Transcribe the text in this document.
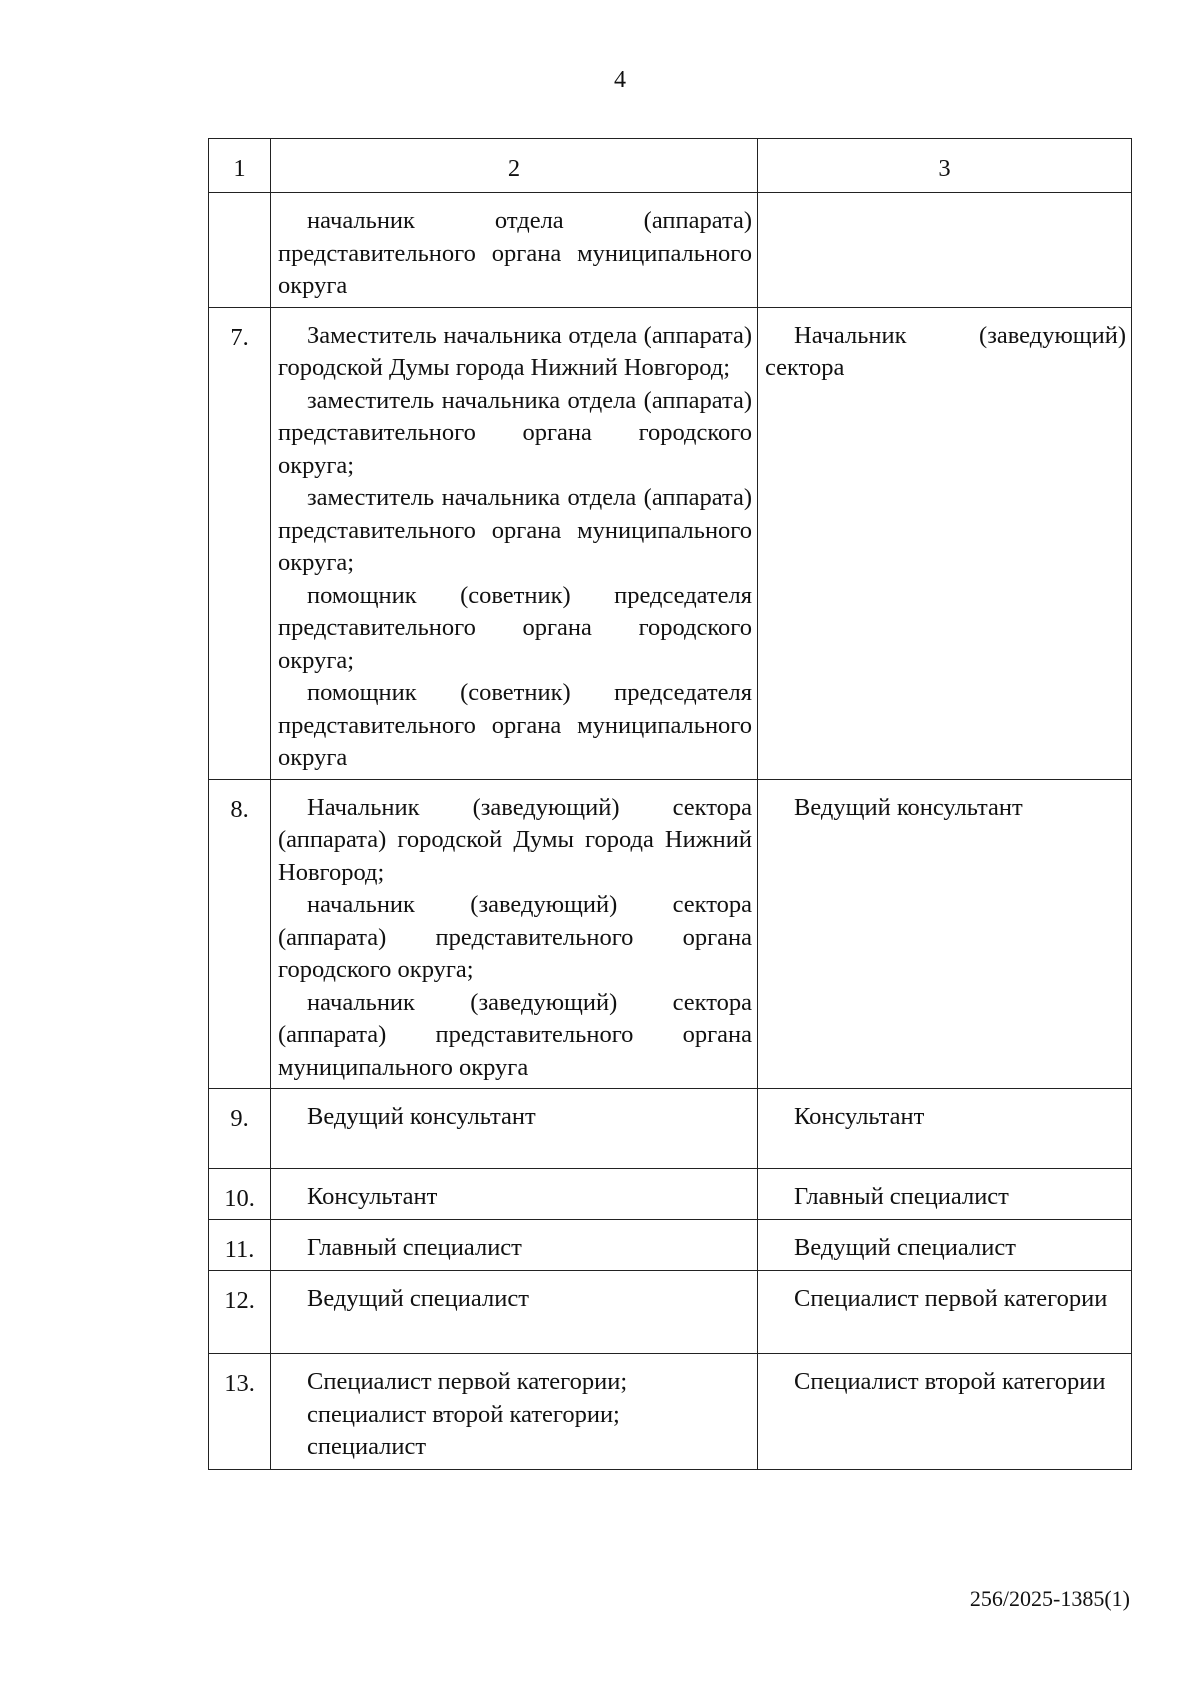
4
1	2	3

	начальник отдела (аппарата) представительного органа муниципального округа	

7.	Заместитель начальника отдела (аппарата) городской Думы города Нижний Новгород;
заместитель начальника отдела (аппарата) представительного органа городского округа;
заместитель начальника отдела (аппарата) представительного органа муниципального округа;
помощник (советник) председателя представительного органа городского округа;
помощник (советник) председателя представительного органа муниципального округа	Начальник (заведующий) сектора

8.	Начальник (заведующий) сектора (аппарата) городской Думы города Нижний Новгород;
начальник (заведующий) сектора (аппарата) представительного органа городского округа;
начальник (заведующий) сектора (аппарата) представительного органа муниципального округа	Ведущий консультант

9.	Ведущий консультант	Консультант

10.	Консультант	Главный специалист

11.	Главный специалист	Ведущий специалист

12.	Ведущий специалист	Специалист первой категории

13.	Специалист первой категории;
специалист второй категории;
специалист	Специалист второй категории
256/2025-1385(1)
